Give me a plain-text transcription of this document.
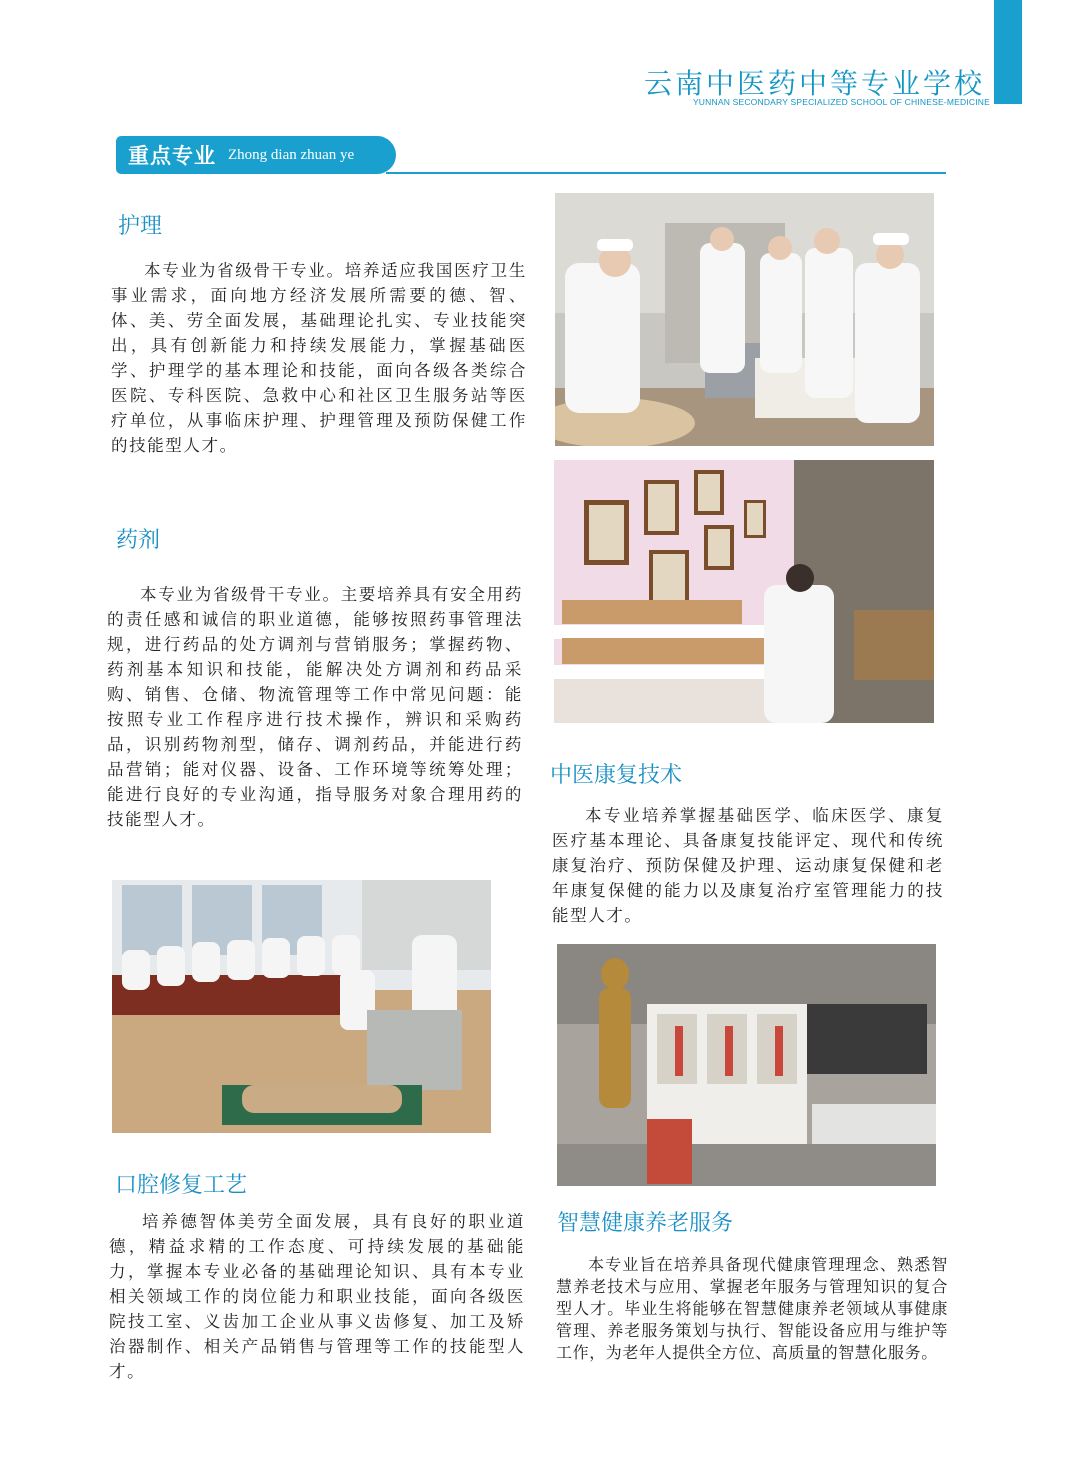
云南中医药中等专业学校
YUNNAN SECONDARY SPECIALIZED SCHOOL OF CHINESE-MEDICINE
重点专业 Zhong dian zhuan ye
护理
本专业为省级骨干专业。培养适应我国医疗卫生事业需求，面向地方经济发展所需要的德、智、体、美、劳全面发展，基础理论扎实、专业技能突出，具有创新能力和持续发展能力，掌握基础医学、护理学的基本理论和技能，面向各级各类综合医院、专科医院、急救中心和社区卫生服务站等医疗单位，从事临床护理、护理管理及预防保健工作的技能型人才。
药剂
本专业为省级骨干专业。主要培养具有安全用药的责任感和诚信的职业道德，能够按照药事管理法规，进行药品的处方调剂与营销服务；掌握药物、药剂基本知识和技能，能解决处方调剂和药品采购、销售、仓储、物流管理等工作中常见问题：能按照专业工作程序进行技术操作，辨识和采购药品，识别药物剂型，储存、调剂药品，并能进行药品营销；能对仪器、设备、工作环境等统筹处理；能进行良好的专业沟通，指导服务对象合理用药的技能型人才。
中医康复技术
本专业培养掌握基础医学、临床医学、康复医疗基本理论、具备康复技能评定、现代和传统康复治疗、预防保健及护理、运动康复保健和老年康复保健的能力以及康复治疗室管理能力的技能型人才。
口腔修复工艺
培养德智体美劳全面发展，具有良好的职业道德，精益求精的工作态度、可持续发展的基础能力，掌握本专业必备的基础理论知识、具有本专业相关领域工作的岗位能力和职业技能，面向各级医院技工室、义齿加工企业从事义齿修复、加工及矫治器制作、相关产品销售与管理等工作的技能型人才。
智慧健康养老服务
本专业旨在培养具备现代健康管理理念、熟悉智慧养老技术与应用、掌握老年服务与管理知识的复合型人才。毕业生将能够在智慧健康养老领域从事健康管理、养老服务策划与执行、智能设备应用与维护等工作，为老年人提供全方位、高质量的智慧化服务。
